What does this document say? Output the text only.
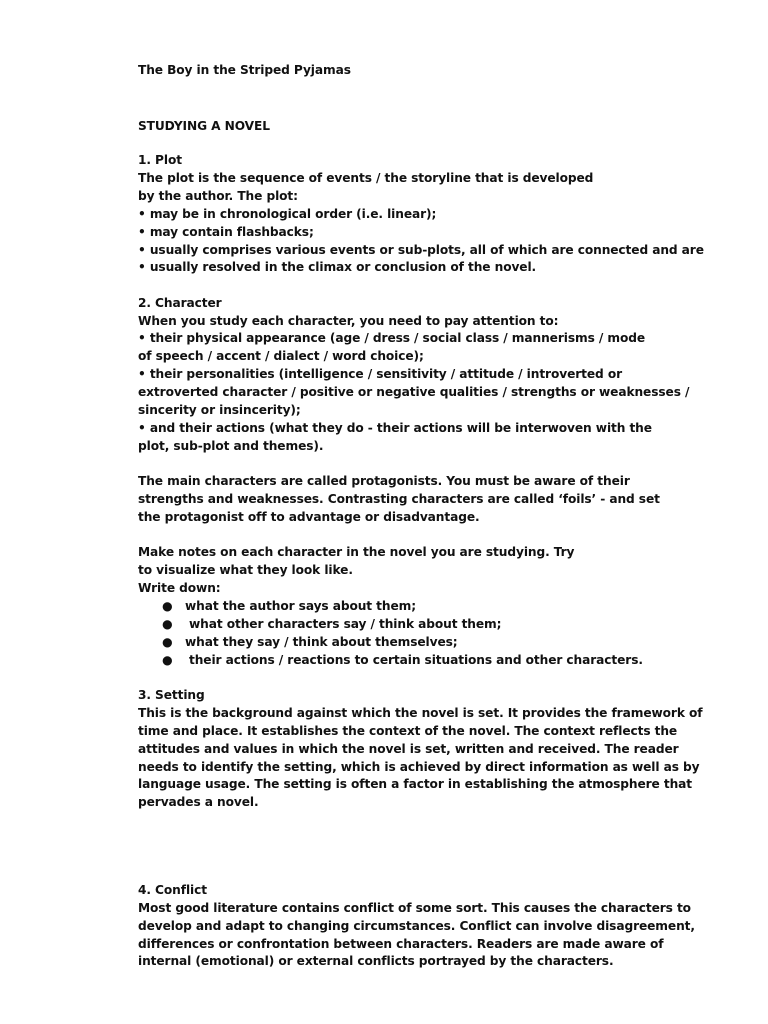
The Boy in the Striped Pyjamas
STUDYING A NOVEL
1. Plot
The plot is the sequence of events / the storyline that is developed
by the author. The plot:
• may be in chronological order (i.e. linear);
• may contain flashbacks;
• usually comprises various events or sub-plots, all of which are connected and are
• usually resolved in the climax or conclusion of the novel.
2. Character
When you study each character, you need to pay attention to:
• their physical appearance (age / dress / social class / mannerisms / mode
of speech / accent / dialect / word choice);
• their personalities (intelligence / sensitivity / attitude / introverted or
extroverted character / positive or negative qualities / strengths or weaknesses /
sincerity or insincerity);
• and their actions (what they do - their actions will be interwoven with the
plot, sub-plot and themes).
The main characters are called protagonists. You must be aware of their
strengths and weaknesses. Contrasting characters are called ‘foils’ - and set
the protagonist off to advantage or disadvantage.
Make notes on each character in the novel you are studying. Try
to visualize what they look like.
Write down:
● what the author says about them;
● what other characters say / think about them;
● what they say / think about themselves;
● their actions / reactions to certain situations and other characters.
3. Setting
This is the background against which the novel is set. It provides the framework of
time and place. It establishes the context of the novel. The context reflects the
attitudes and values in which the novel is set, written and received. The reader
needs to identify the setting, which is achieved by direct information as well as by
language usage. The setting is often a factor in establishing the atmosphere that
pervades a novel.
4. Conflict
Most good literature contains conflict of some sort. This causes the characters to
develop and adapt to changing circumstances. Conflict can involve disagreement,
differences or confrontation between characters. Readers are made aware of
internal (emotional) or external conflicts portrayed by the characters.
